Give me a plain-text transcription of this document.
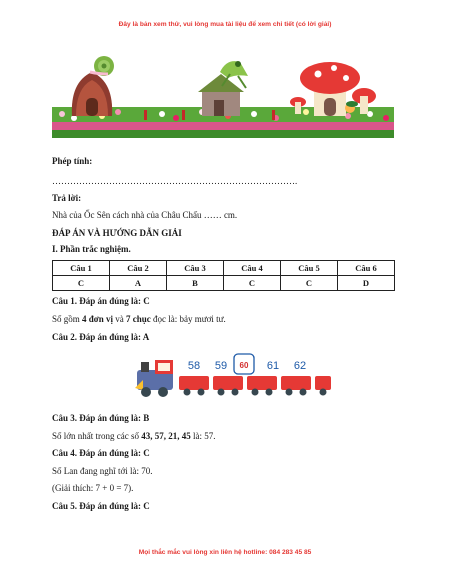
Đây là bản xem thử, vui lòng mua tài liệu để xem chi tiết (có lời giải)
Phép tính:
……………………………………………………………………….
Trả lời:
Nhà của Ốc Sên cách nhà của Châu Chấu …… cm.
ĐÁP ÁN VÀ HƯỚNG DẪN GIẢI
I. Phần trắc nghiệm.
Câu 1	Câu 2	Câu 3	Câu 4	Câu 5	Câu 6
C	A	B	C	C	D
Câu 1. Đáp án đúng là: C
Số gồm 4 đơn vị và 7 chục đọc là: bảy mươi tư.
Câu 2. Đáp án đúng là: A
58 59 60 61 62
Câu 3. Đáp án đúng là: B
Số lớn nhất trong các số 43, 57, 21, 45 là: 57.
Câu 4. Đáp án đúng là: C
Số Lan đang nghĩ tới là: 70.
(Giải thích: 7 + 0 = 7).
Câu 5. Đáp án đúng là: C
Mọi thắc mắc vui lòng xin liên hệ hotline: 084 283 45 85
